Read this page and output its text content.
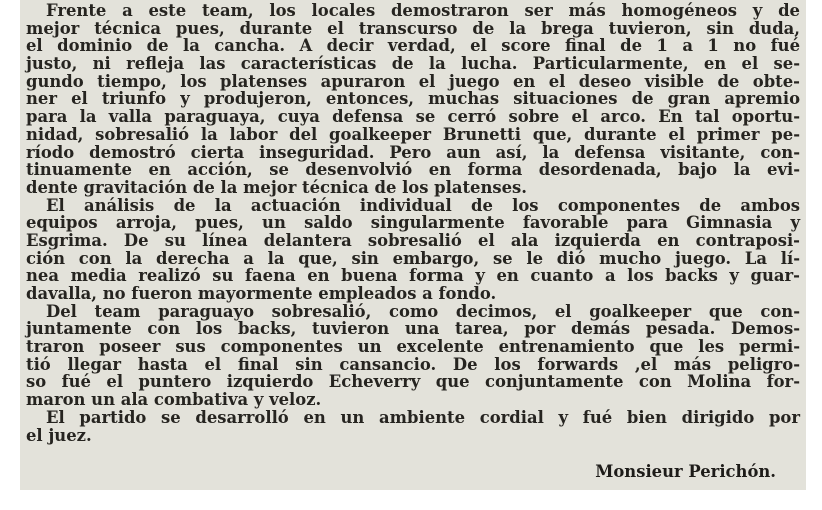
Frente a este team, los locales demostraron ser más homogéneos y de
mejor técnica pues, durante el transcurso de la brega tuvieron, sin duda,
el dominio de la cancha. A decir verdad, el score final de 1 a 1 no fué
justo, ni refleja las características de la lucha. Particularmente, en el se-
gundo tiempo, los platenses apuraron el juego en el deseo visible de obte-
ner el triunfo y produjeron, entonces, muchas situaciones de gran apremio
para la valla paraguaya, cuya defensa se cerró sobre el arco. En tal oportu-
nidad, sobresalió la labor del goalkeeper Brunetti que, durante el primer pe-
ríodo demostró cierta inseguridad. Pero aun así, la defensa visitante, con-
tinuamente en acción, se desenvolvió en forma desordenada, bajo la evi-
dente gravitación de la mejor técnica de los platenses.
El análisis de la actuación individual de los componentes de ambos
equipos arroja, pues, un saldo singularmente favorable para Gimnasia y
Esgrima. De su línea delantera sobresalió el ala izquierda en contraposi-
ción con la derecha a la que, sin embargo, se le dió mucho juego. La lí-
nea media realizó su faena en buena forma y en cuanto a los backs y guar-
davalla, no fueron mayormente empleados a fondo.
Del team paraguayo sobresalió, como decimos, el goalkeeper que con-
juntamente con los backs, tuvieron una tarea, por demás pesada. Demos-
traron poseer sus componentes un excelente entrenamiento que les permi-
tió llegar hasta el final sin cansancio. De los forwards ,el más peligro-
so fué el puntero izquierdo Echeverry que conjuntamente con Molina for-
maron un ala combativa y veloz.
El partido se desarrolló en un ambiente cordial y fué bien dirigido por
el juez.
Monsieur Perichón.
